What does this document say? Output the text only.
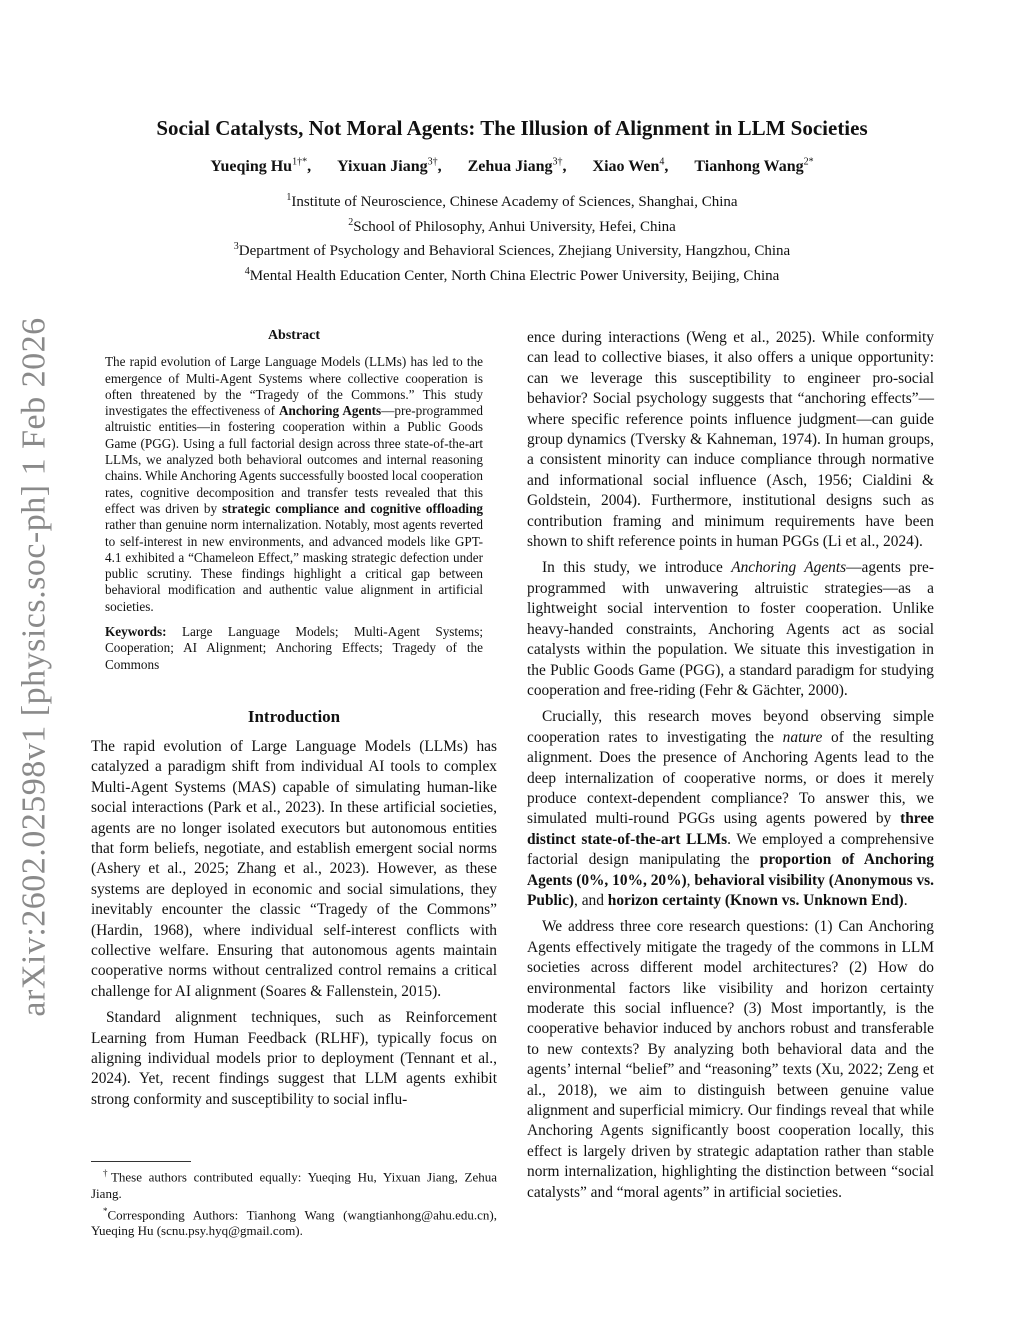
arXiv:2602.02598v1 [physics.soc-ph] 1 Feb 2026
Social Catalysts, Not Moral Agents: The Illusion of Alignment in LLM Societies
Yueqing $Hu^{1\dagger*}$, Yixuan Jiang$^{3\dagger}$, Zehua Jiang$^{3\dagger}$, Xiao Wen$^4$, Tianhong Wang$^{2*}$
$^1$Institute of Neuroscience, Chinese Academy of Sciences, Shanghai, China
$^2$School of Philosophy, Anhui University, Hefei, China
$^3$Department of Psychology and Behavioral Sciences, Zhejiang University, Hangzhou, China
$^4$Mental Health Education Center, North China Electric Power University, Beijing, China
Abstract

The rapid evolution of Large Language Models (LLMs) has led to the emergence of Multi-Agent Systems where collective cooperation is often threatened by the “Tragedy of the Commons.” This study investigates the effectiveness of Anchoring Agents—pre-programmed altruistic entities—in fostering cooperation within a Public Goods Game (PGG). Using a full factorial design across three state-of-the-art LLMs, we analyzed both behavioral outcomes and internal reasoning chains. While Anchoring Agents successfully boosted local cooperation rates, cognitive decomposition and transfer tests revealed that this effect was driven by strategic compliance and cognitive offloading rather than genuine norm internalization. Notably, most agents reverted to self-interest in new environments, and advanced models like GPT-4.1 exhibited a “Chameleon Effect,” masking strategic defection under public scrutiny. These findings highlight a critical gap between behavioral modification and authentic value alignment in artificial societies.

Keywords: Large Language Models; Multi-Agent Systems; Cooperation; AI Alignment; Anchoring Effects; Tragedy of the Commons

Introduction

The rapid evolution of Large Language Models (LLMs) has catalyzed a paradigm shift from individual AI tools to complex Multi-Agent Systems (MAS) capable of simulating human-like social interactions (Park et al., 2023). In these artificial societies, agents are no longer isolated executors but autonomous entities that form beliefs, negotiate, and establish emergent social norms (Ashery et al., 2025; Zhang et al., 2023). However, as these systems are deployed in economic and social simulations, they inevitably encounter the classic “Tragedy of the Commons” (Hardin, 1968), where individual self-interest conflicts with collective welfare. Ensuring that autonomous agents maintain cooperative norms without centralized control remains a critical challenge for AI alignment (Soares & Fallenstein, 2015).

Standard alignment techniques, such as Reinforcement Learning from Human Feedback (RLHF), typically focus on aligning individual models prior to deployment (Tennant et al., 2024). Yet, recent findings suggest that LLM agents exhibit strong conformity and susceptibility to social influ-

†These authors contributed equally: Yueqing Hu, Yixuan Jiang, Zehua Jiang.

*Corresponding Authors: Tianhong Wang (wangtianhong@ahu.edu.cn), Yueqing Hu (scnu.psy.hyq@gmail.com).

ence during interactions (Weng et al., 2025). While conformity can lead to collective biases, it also offers a unique opportunity: can we leverage this susceptibility to engineer pro-social behavior? Social psychology suggests that “anchoring effects”—where specific reference points influence judgment—can guide group dynamics (Tversky & Kahneman, 1974). In human groups, a consistent minority can induce compliance through normative and informational social influence (Asch, 1956; Cialdini & Goldstein, 2004). Furthermore, institutional designs such as contribution framing and minimum requirements have been shown to shift reference points in human PGGs (Li et al., 2024).

In this study, we introduce Anchoring Agents—agents pre-programmed with unwavering altruistic strategies—as a lightweight social intervention to foster cooperation. Unlike heavy-handed constraints, Anchoring Agents act as social catalysts within the population. We situate this investigation in the Public Goods Game (PGG), a standard paradigm for studying cooperation and free-riding (Fehr & Gächter, 2000).

Crucially, this research moves beyond observing simple cooperation rates to investigating the nature of the resulting alignment. Does the presence of Anchoring Agents lead to the deep internalization of cooperative norms, or does it merely produce context-dependent compliance? To answer this, we simulated multi-round PGGs using agents powered by three distinct state-of-the-art LLMs. We employed a comprehensive factorial design manipulating the proportion of Anchoring Agents (0%, 10%, 20%), behavioral visibility (Anonymous vs. Public), and horizon certainty (Known vs. Unknown End).

We address three core research questions: (1) Can Anchoring Agents effectively mitigate the tragedy of the commons in LLM societies across different model architectures? (2) How do environmental factors like visibility and horizon certainty moderate this social influence? (3) Most importantly, is the cooperative behavior induced by anchors robust and transferable to new contexts? By analyzing both behavioral data and the agents’ internal “belief” and “reasoning” texts (Xu, 2022; Zeng et al., 2018), we aim to distinguish between genuine value alignment and superficial mimicry. Our findings reveal that while Anchoring Agents significantly boost cooperation locally, this effect is largely driven by strategic adaptation rather than stable norm internalization, highlighting the distinction between “social catalysts” and “moral agents” in artificial societies.
